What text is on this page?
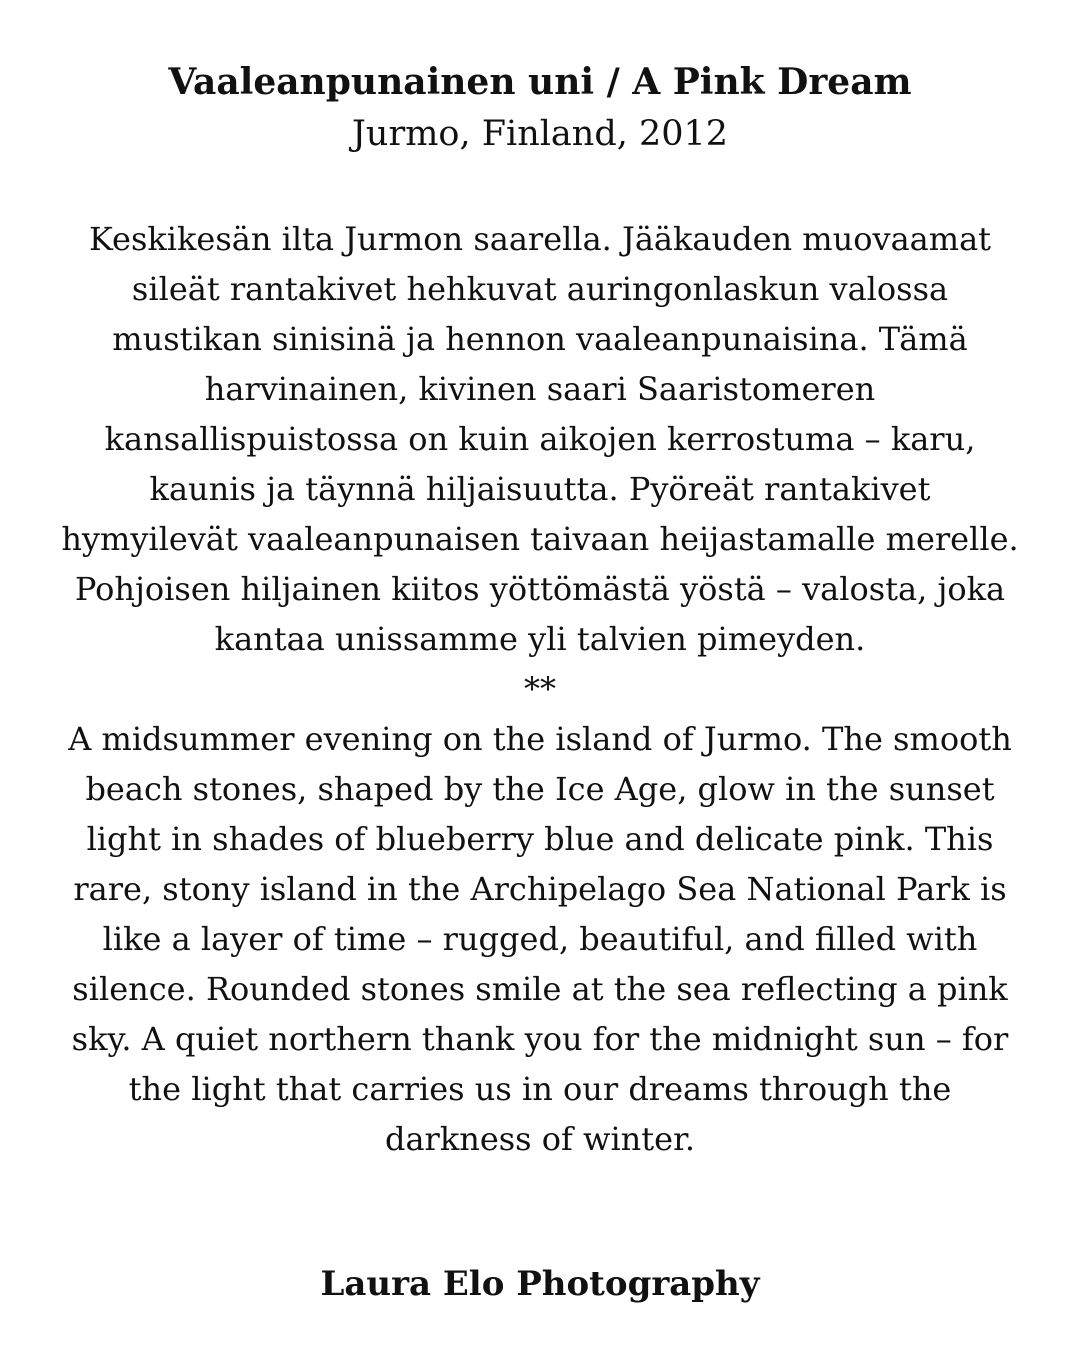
Vaaleanpunainen uni / A Pink Dream

Jurmo, Finland, 2012

Keskikesän ilta Jurmon saarella. Jääkauden muovaamat sileät rantakivet hehkuvat auringonlaskun valossa mustikan sinisinä ja hennon vaaleanpunaisina. Tämä harvinainen, kivinen saari Saaristomeren kansallispuistossa on kuin aikojen kerrostuma – karu, kaunis ja täynnä hiljaisuutta. Pyöreät rantakivet hymyilevät vaaleanpunaisen taivaan heijastamalle merelle. Pohjoisen hiljainen kiitos yöttömästä yöstä – valosta, joka kantaa unissamme yli talvien pimeyden.

**

A midsummer evening on the island of Jurmo. The smooth beach stones, shaped by the Ice Age, glow in the sunset light in shades of blueberry blue and delicate pink. This rare, stony island in the Archipelago Sea National Park is like a layer of time – rugged, beautiful, and filled with silence. Rounded stones smile at the sea reflecting a pink sky. A quiet northern thank you for the midnight sun – for the light that carries us in our dreams through the darkness of winter.

Laura Elo Photography
